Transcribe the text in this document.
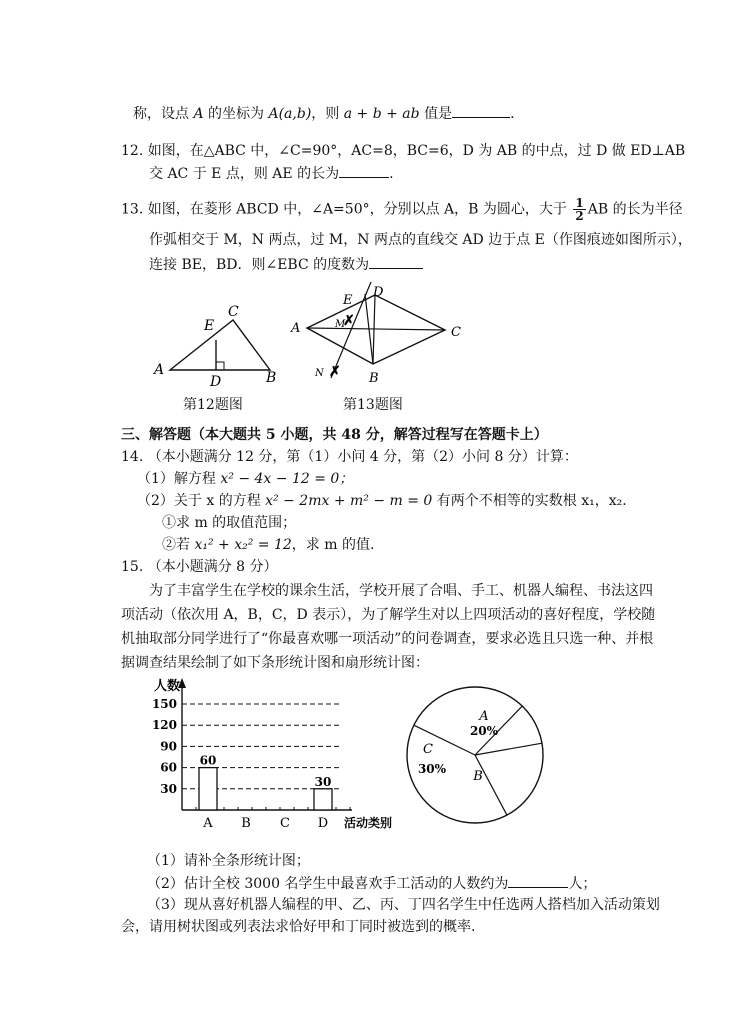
称，设点 A 的坐标为 A(a,b)，则 a + b + ab 值是	.
12. 如图，在△ABC 中，∠C=90°，AC=8，BC=6，D 为 AB 的中点，过 D 做 ED⊥AB
交 AC 于 E 点，则 AE 的长为	.
13. 如图，在菱形 ABCD 中，∠A=50°，分别以点 A，B 为圆心，大于 $\frac{1}{2}$ AB 的长为半径
作弧相交于 M，N 两点，过 M，N 两点的直线交 AD 边于点 E（作图痕迹如图所示），
连接 BE，BD．则∠EBC 的度数为
A	B
C
D
E
第12题图
✗
✗
A
B
C
D
E
M
N
第13题图
三、解答题（本大题共 5 小题，共 48 分，解答过程写在答题卡上）
14. （本小题满分 12 分，第（1）小问 4 分，第（2）小问 8 分）计算：
（1）解方程 x² − 4x − 12 = 0；
（2）关于 x 的方程 x² − 2mx + m² − m = 0 有两个不相等的实数根 x₁，x₂．
①求 m 的取值范围；
②若 x₁² + x₂² = 12，求 m 的值.
15. （本小题满分 8 分）
为了丰富学生在学校的课余生活，学校开展了合唱、手工、机器人编程、书法这四
项活动（依次用 A，B，C，D 表示），为了解学生对以上四项活动的喜好程度，学校随
机抽取部分同学进行了“你最喜欢哪一项活动”的问卷调查，要求必选且只选一种、并根
据调查结果绘制了如下条形统计图和扇形统计图：
人数
活动类别
30
60
90
120
150
A
60
B C D
30
A
20%
B
C
30%
（1）请补全条形统计图；
（2）估计全校 3000 名学生中最喜欢手工活动的人数约为	人；
（3）现从喜好机器人编程的甲、乙、丙、丁四名学生中任选两人搭档加入活动策划
会，请用树状图或列表法求恰好甲和丁同时被选到的概率.
